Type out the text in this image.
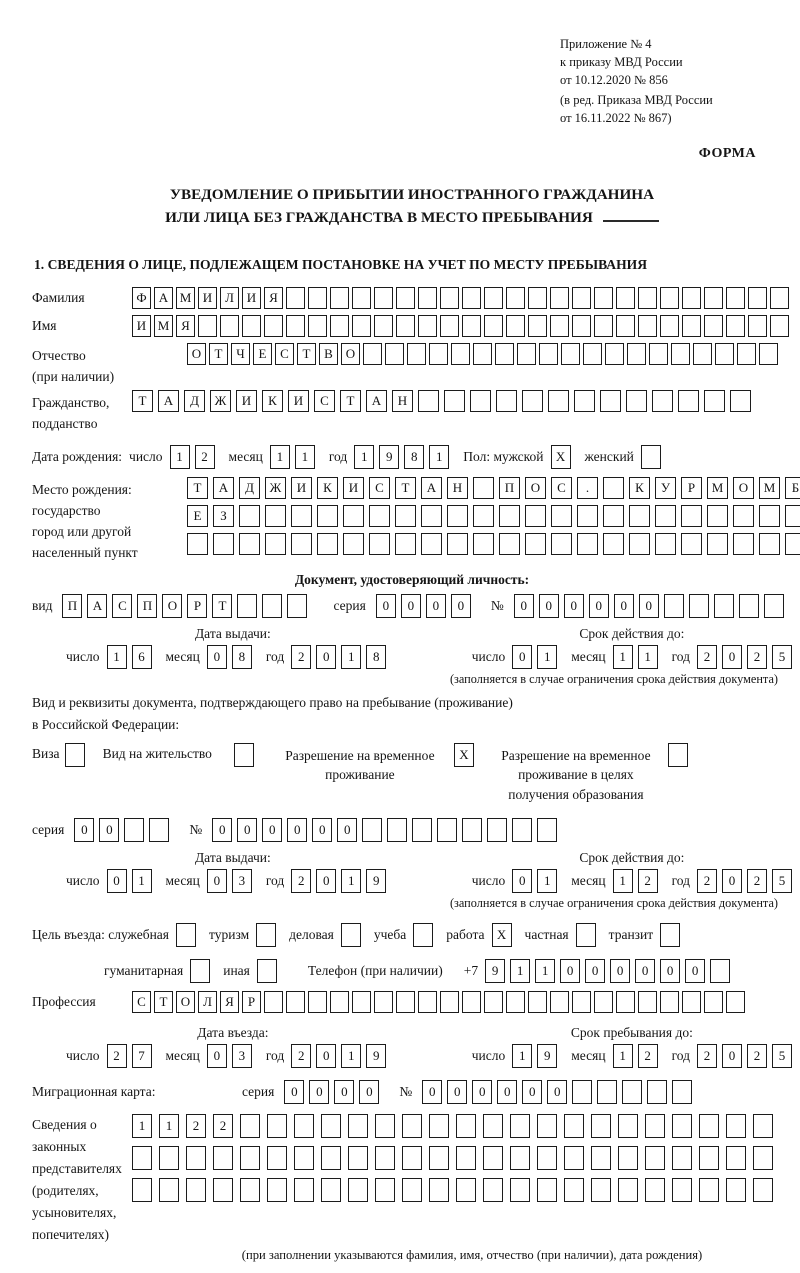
Приложение № 4
к приказу МВД России
от 10.12.2020 № 856
(в ред. Приказа МВД России
от 16.11.2022 № 867)
ФОРМА
УВЕДОМЛЕНИЕ О ПРИБЫТИИ ИНОСТРАННОГО ГРАЖДАНИНА
ИЛИ ЛИЦА БЕЗ ГРАЖДАНСТВА В МЕСТО ПРЕБЫВАНИЯ
1. СВЕДЕНИЯ О ЛИЦЕ, ПОДЛЕЖАЩЕМ ПОСТАНОВКЕ НА УЧЕТ ПО МЕСТУ ПРЕБЫВАНИЯ
Фамилия	Ф А М И Л И Я
Имя	И М Я
Отчество
(при наличии)
О	Т	Ч	Е	С	Т	В О
Гражданство,
подданство
Т	А	Д	Ж	И	К	И	С	Т	А	Н
Дата рождения: число	1	2	месяц	1	1	год	1	9	8	1	Пол: мужской X	женский
Место рождения:
государство
город или другой
населенный пункт
Т	А	Д	Ж	И	К	И	С	Т	А	Н	П	О	С	.	К	У	Р	М	О	М	Б
Е	З
Документ, удостоверяющий личность:
вид	П	А	С	П	О	Р	Т	серия	0	0	0	0	№	0	0	0	0	0	0
Дата выдачи:
число	1	6	месяц	0	8	год	2	0	1	8
Срок действия до:
число	0	1	месяц	1	1	год	2	0	2	5
(заполняется в случае ограничения срока действия документа)
Вид и реквизиты документа, подтверждающего право на пребывание (проживание)
в Российской Федерации:
Виза	Вид на жительство	Разрешение на временное
проживание
X	Разрешение на временное
проживание в целях
получения образования
серия	0	0	№	0	0	0	0	0	0
Дата выдачи:
число	0	1	месяц	0	3	год	2	0	1	9
Срок действия до:
число	0	1	месяц	1	2	год	2	0	2	5
(заполняется в случае ограничения срока действия документа)
Цель въезда: служебная	туризм	деловая	учеба	работа X	частная	транзит
гуманитарная	иная	Телефон (при наличии) +7	9	1	1	0	0	0	0	0	0
Профессия	С	Т	О Л	Я	Р
Дата въезда:
число	2	7	месяц	0	3	год	2	0	1	9
Срок пребывания до:
число	1	9	месяц	1	2	год	2	0	2	5
Миграционная карта:	серия	0	0	0	0	№	0	0	0	0	0	0
Сведения о
законных
представителях
(родителях,
усыновителях,
попечителях)
1	1	2	2
(при заполнении указываются фамилия, имя, отчество (при наличии), дата рождения)
